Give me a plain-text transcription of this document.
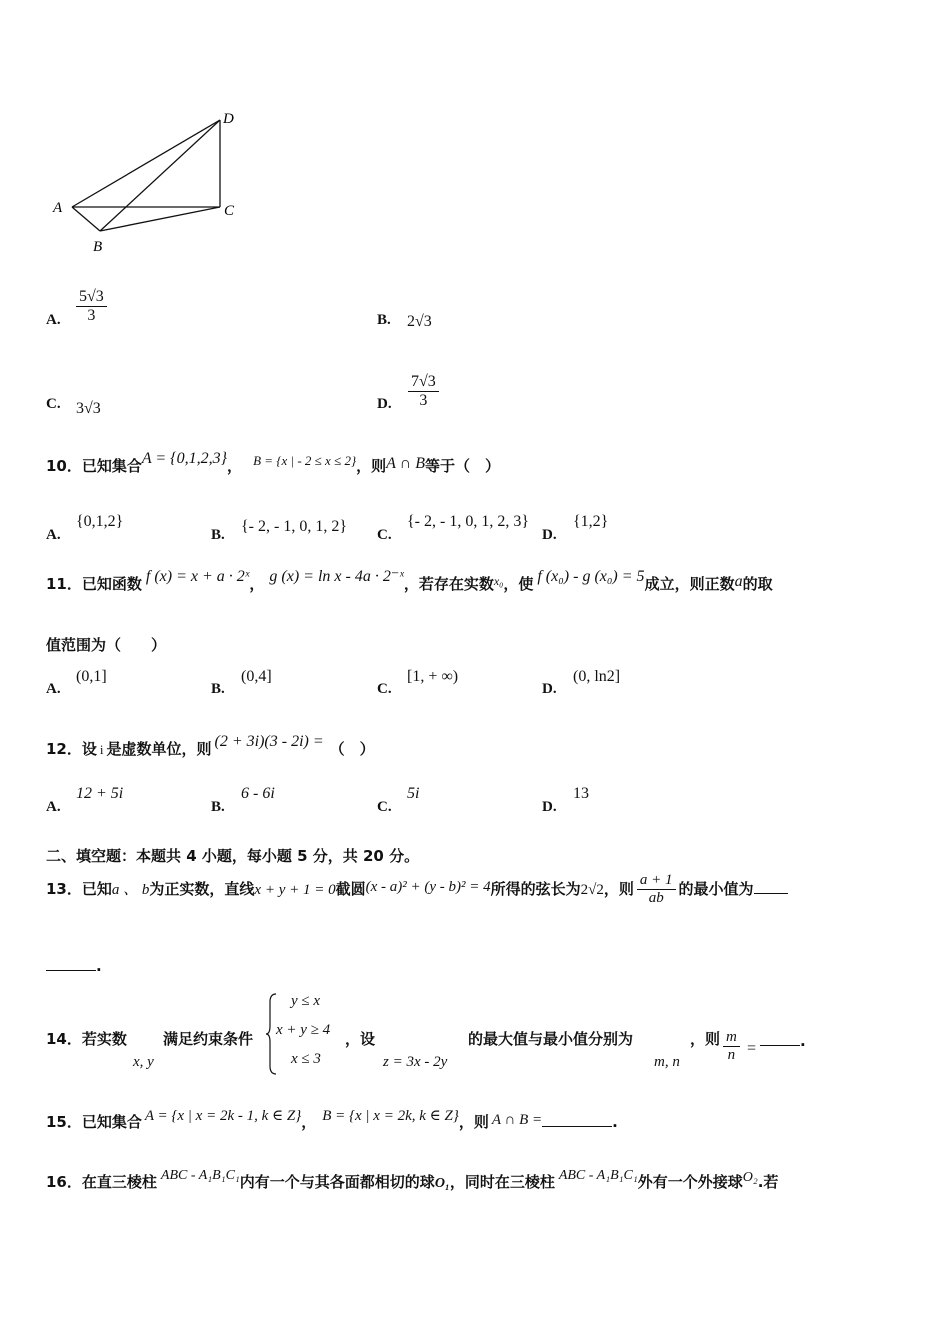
A
B
C
D
A. $\frac{5√3}{3}$	B. 2√3
C. 3√3	D. $\frac{7√3}{3}$
10．已知集合A = {0,1,2,3}， $^{B = \{x | - 2 \le x \le 2\}}$，则A ∩ B等于（　）
A.
{0,1,2}
B. {- 2, - 1, 0, 1, 2} C.
{- 2, - 1, 0, 1, 2, 3}
D.
{1,2}
11．已知函数 f (x) = x + a · 2ˣ， g (x) = ln x - 4a · 2⁻ˣ，若存在实数$^{x_0}$，使 f (x₀) - g (x₀) = 5成立，则正数a的取
值范围为（　　）
A.
(0,1]
B.
(0,4]
C.
[1, + ∞)
D.
(0, ln2]
12．设 i 是虚数单位，则 (2 + 3i)(3 - 2i) = （　）
A.
12 + 5i
B.
6 - 6i
C.
5i
D.
13
二、填空题：本题共 4 小题，每小题 5 分，共 20 分。
13．已知a 、 b为正实数，直线x + y + 1 = 0截圆(x - a)² + (y - b)² = 4所得的弦长为2√2，则 $\frac{a + 1}{ab}$ 的最小值为
.
14．若实数
x, y
满足约束条件
y ≤ x
x + y ≥ 4
x ≤ 3
，设
z = 3x - 2y
的最大值与最小值分别为
m, n
，则 $\frac{m}{n}$ =	.
15．已知集合 A = {x | x = 2k - 1, k ∈ Z}， B = {x | x = 2k, k ∈ Z}，则 A ∩ B =	.
16．在直三棱柱 ABC - A₁B₁C₁内有一个与其各面都相切的球O₁，同时在三棱柱 ABC - A₁B₁C₁外有一个外接球O₂.若
